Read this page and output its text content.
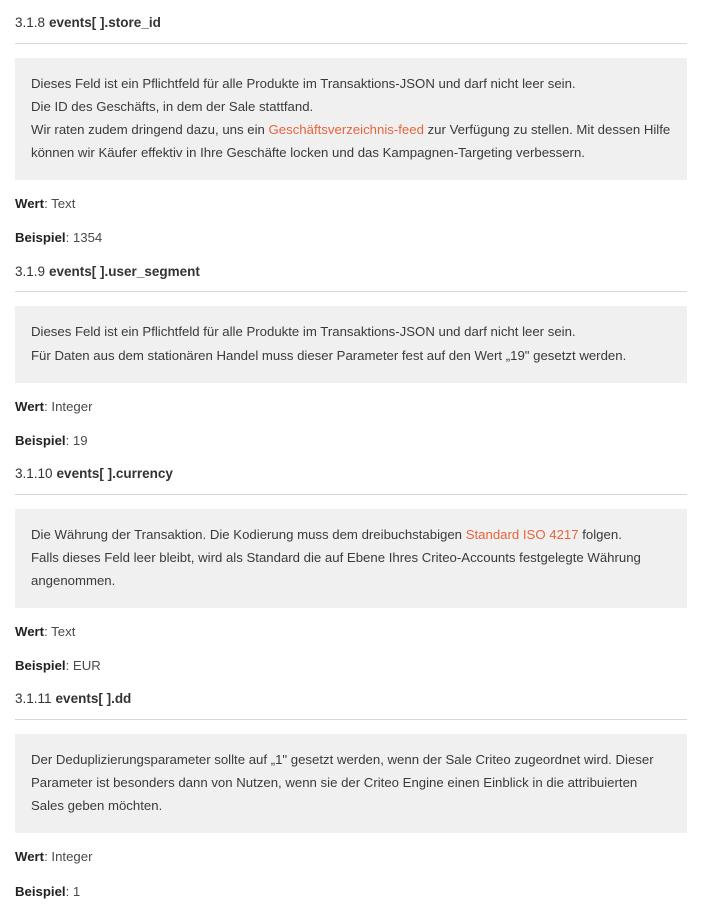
3.1.8 events[ ].store_id

Dieses Feld ist ein Pflichtfeld für alle Produkte im Transaktions-JSON und darf nicht leer sein.

Die ID des Geschäfts, in dem der Sale stattfand.

Wir raten zudem dringend dazu, uns ein Geschäftsverzeichnis-feed zur Verfügung zu stellen. Mit dessen Hilfe können wir Käufer effektiv in Ihre Geschäfte locken und das Kampagnen-Targeting verbessern.

Wert: Text
Beispiel: 1354
3.1.9 events[ ].user_segment

Dieses Feld ist ein Pflichtfeld für alle Produkte im Transaktions-JSON und darf nicht leer sein.

Für Daten aus dem stationären Handel muss dieser Parameter fest auf den Wert „19" gesetzt werden.

Wert: Integer
Beispiel: 19
3.1.10 events[ ].currency

Die Währung der Transaktion. Die Kodierung muss dem dreibuchstabigen Standard ISO 4217 folgen.

Falls dieses Feld leer bleibt, wird als Standard die auf Ebene Ihres Criteo-Accounts festgelegte Währung angenommen.

Wert: Text
Beispiel: EUR
3.1.11 events[ ].dd

Der Deduplizierungsparameter sollte auf „1" gesetzt werden, wenn der Sale Criteo zugeordnet wird. Dieser Parameter ist besonders dann von Nutzen, wenn sie der Criteo Engine einen Einblick in die attribuierten Sales geben möchten.

Wert: Integer
Beispiel: 1
